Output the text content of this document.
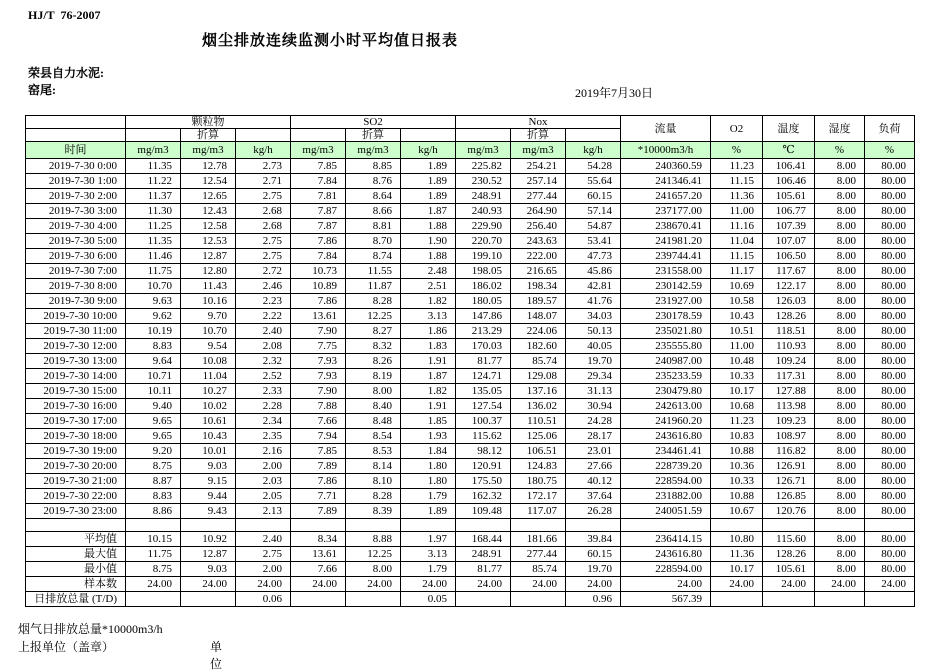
HJ/T  76-2007
烟尘排放连续监测小时平均值日报表
荣县自力水泥:
窑尾:	2019年7月30日
	颗粒物			SO2			Nox			流量	O2	温度	湿度	负荷
		折算			折算			折算						
时间	mg/m3	mg/m3	kg/h	mg/m3	mg/m3	kg/h	mg/m3	mg/m3	kg/h	*10000m3/h	%	℃	%	%
2019-7-30 0:00	11.35	12.78	2.73	7.85	8.85	1.89	225.82	254.21	54.28	240360.59	11.23	106.41	8.00	80.00
2019-7-30 1:00	11.22	12.54	2.71	7.84	8.76	1.89	230.52	257.14	55.64	241346.41	11.15	106.46	8.00	80.00
2019-7-30 2:00	11.37	12.65	2.75	7.81	8.64	1.89	248.91	277.44	60.15	241657.20	11.36	105.61	8.00	80.00
2019-7-30 3:00	11.30	12.43	2.68	7.87	8.66	1.87	240.93	264.90	57.14	237177.00	11.00	106.77	8.00	80.00
2019-7-30 4:00	11.25	12.58	2.68	7.87	8.81	1.88	229.90	256.40	54.87	238670.41	11.16	107.39	8.00	80.00
2019-7-30 5:00	11.35	12.53	2.75	7.86	8.70	1.90	220.70	243.63	53.41	241981.20	11.04	107.07	8.00	80.00
2019-7-30 6:00	11.46	12.87	2.75	7.84	8.74	1.88	199.10	222.00	47.73	239744.41	11.15	106.50	8.00	80.00
2019-7-30 7:00	11.75	12.80	2.72	10.73	11.55	2.48	198.05	216.65	45.86	231558.00	11.17	117.67	8.00	80.00
2019-7-30 8:00	10.70	11.43	2.46	10.89	11.87	2.51	186.02	198.34	42.81	230142.59	10.69	122.17	8.00	80.00
2019-7-30 9:00	9.63	10.16	2.23	7.86	8.28	1.82	180.05	189.57	41.76	231927.00	10.58	126.03	8.00	80.00
2019-7-30 10:00	9.62	9.70	2.22	13.61	12.25	3.13	147.86	148.07	34.03	230178.59	10.43	128.26	8.00	80.00
2019-7-30 11:00	10.19	10.70	2.40	7.90	8.27	1.86	213.29	224.06	50.13	235021.80	10.51	118.51	8.00	80.00
2019-7-30 12:00	8.83	9.54	2.08	7.75	8.32	1.83	170.03	182.60	40.05	235555.80	11.00	110.93	8.00	80.00
2019-7-30 13:00	9.64	10.08	2.32	7.93	8.26	1.91	81.77	85.74	19.70	240987.00	10.48	109.24	8.00	80.00
2019-7-30 14:00	10.71	11.04	2.52	7.93	8.19	1.87	124.71	129.08	29.34	235233.59	10.33	117.31	8.00	80.00
2019-7-30 15:00	10.11	10.27	2.33	7.90	8.00	1.82	135.05	137.16	31.13	230479.80	10.17	127.88	8.00	80.00
2019-7-30 16:00	9.40	10.02	2.28	7.88	8.40	1.91	127.54	136.02	30.94	242613.00	10.68	113.98	8.00	80.00
2019-7-30 17:00	9.65	10.61	2.34	7.66	8.48	1.85	100.37	110.51	24.28	241960.20	11.23	109.23	8.00	80.00
2019-7-30 18:00	9.65	10.43	2.35	7.94	8.54	1.93	115.62	125.06	28.17	243616.80	10.83	108.97	8.00	80.00
2019-7-30 19:00	9.20	10.01	2.16	7.85	8.53	1.84	98.12	106.51	23.01	234461.41	10.88	116.82	8.00	80.00
2019-7-30 20:00	8.75	9.03	2.00	7.89	8.14	1.80	120.91	124.83	27.66	228739.20	10.36	126.91	8.00	80.00
2019-7-30 21:00	8.87	9.15	2.03	7.86	8.10	1.80	175.50	180.75	40.12	228594.00	10.33	126.71	8.00	80.00
2019-7-30 22:00	8.83	9.44	2.05	7.71	8.28	1.79	162.32	172.17	37.64	231882.00	10.88	126.85	8.00	80.00
2019-7-30 23:00	8.86	9.43	2.13	7.89	8.39	1.89	109.48	117.07	26.28	240051.59	10.67	120.76	8.00	80.00

平均值	10.15	10.92	2.40	8.34	8.88	1.97	168.44	181.66	39.84	236414.15	10.80	115.60	8.00	80.00
最大值	11.75	12.87	2.75	13.61	12.25	3.13	248.91	277.44	60.15	243616.80	11.36	128.26	8.00	80.00
最小值	8.75	9.03	2.00	7.66	8.00	1.79	81.77	85.74	19.70	228594.00	10.17	105.61	8.00	80.00
样本数	24.00	24.00	24.00	24.00	24.00	24.00	24.00	24.00	24.00	24.00	24.00	24.00	24.00	24.00
日排放总量 (T/D)			0.06			0.05			0.96	567.39				
烟气日排放总量*10000m3/h
上报单位（盖章）	单位
